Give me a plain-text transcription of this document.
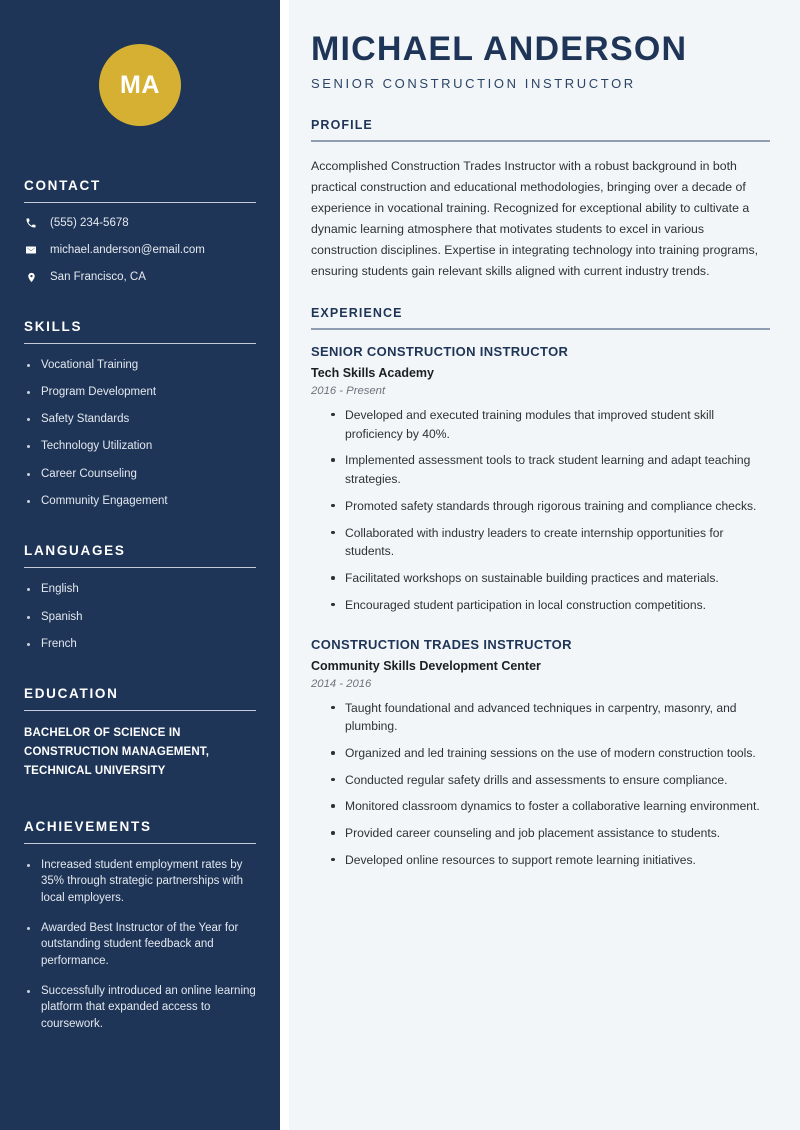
MA
CONTACT
(555) 234-5678
michael.anderson@email.com
San Francisco, CA
SKILLS
Vocational Training
Program Development
Safety Standards
Technology Utilization
Career Counseling
Community Engagement
LANGUAGES
English
Spanish
French
EDUCATION
BACHELOR OF SCIENCE IN CONSTRUCTION MANAGEMENT, TECHNICAL UNIVERSITY
ACHIEVEMENTS
Increased student employment rates by 35% through strategic partnerships with local employers.
Awarded Best Instructor of the Year for outstanding student feedback and performance.
Successfully introduced an online learning platform that expanded access to coursework.
MICHAEL ANDERSON
SENIOR CONSTRUCTION INSTRUCTOR
PROFILE

Accomplished Construction Trades Instructor with a robust background in both practical construction and educational methodologies, bringing over a decade of experience in vocational training. Recognized for exceptional ability to cultivate a dynamic learning atmosphere that motivates students to excel in various construction disciplines. Expertise in integrating technology into training programs, ensuring students gain relevant skills aligned with current industry trends.

EXPERIENCE
SENIOR CONSTRUCTION INSTRUCTOR
Tech Skills Academy
2016 - Present
Developed and executed training modules that improved student skill proficiency by 40%.
Implemented assessment tools to track student learning and adapt teaching strategies.
Promoted safety standards through rigorous training and compliance checks.
Collaborated with industry leaders to create internship opportunities for students.
Facilitated workshops on sustainable building practices and materials.
Encouraged student participation in local construction competitions.
CONSTRUCTION TRADES INSTRUCTOR
Community Skills Development Center
2014 - 2016
Taught foundational and advanced techniques in carpentry, masonry, and plumbing.
Organized and led training sessions on the use of modern construction tools.
Conducted regular safety drills and assessments to ensure compliance.
Monitored classroom dynamics to foster a collaborative learning environment.
Provided career counseling and job placement assistance to students.
Developed online resources to support remote learning initiatives.
